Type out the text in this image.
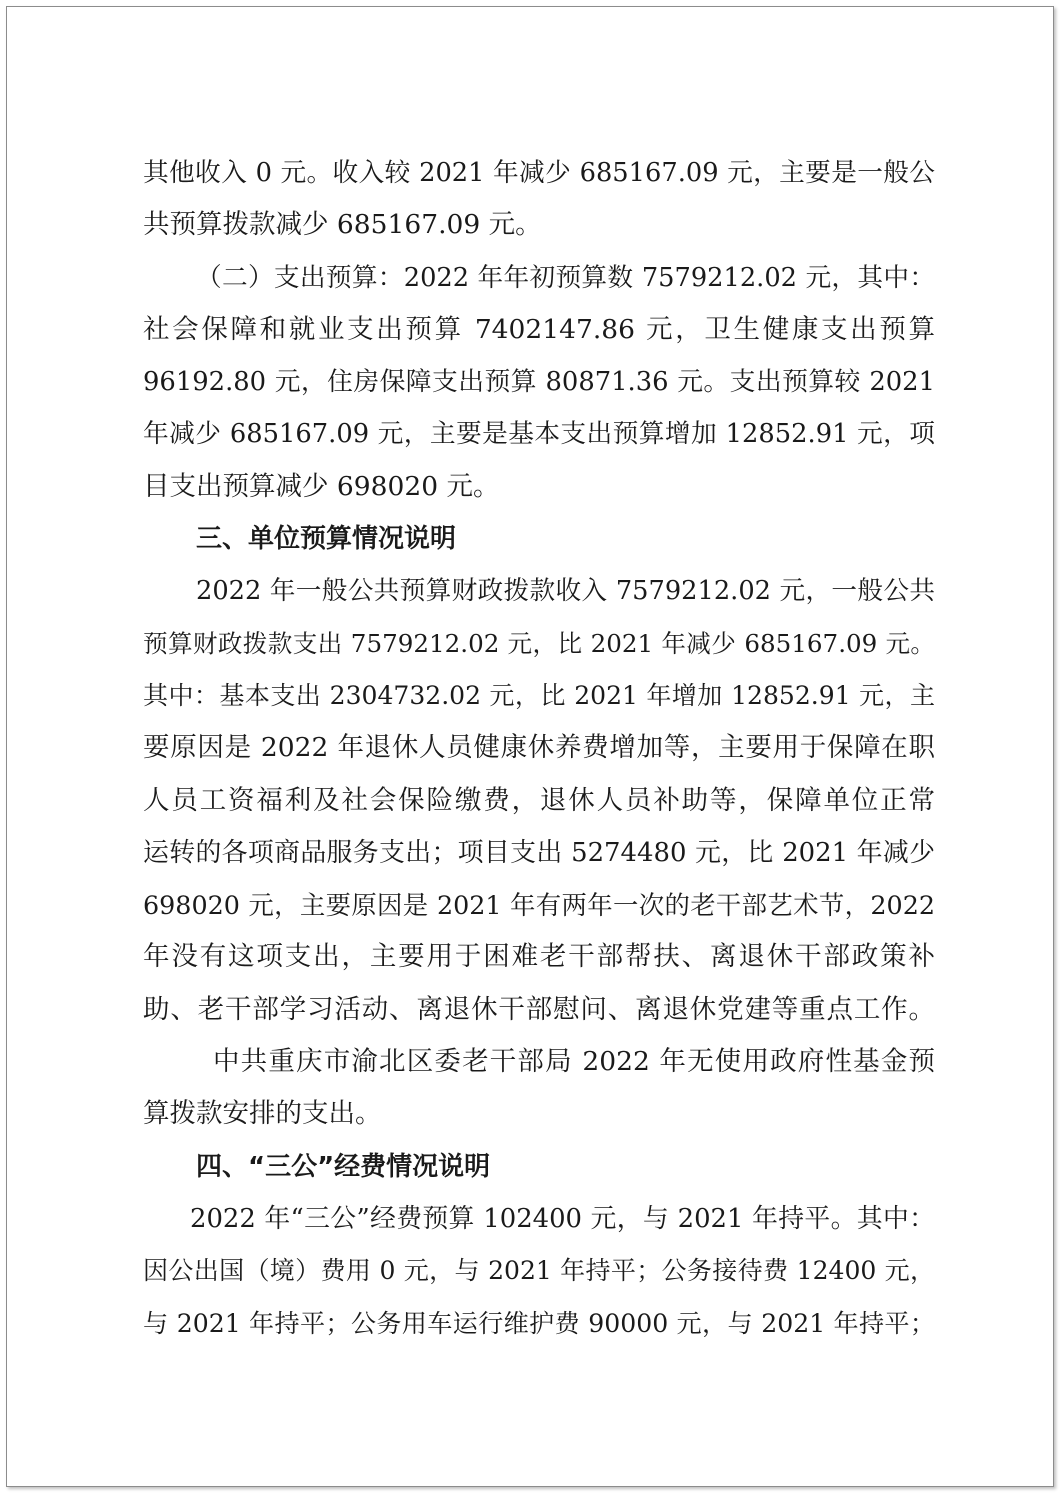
其他收入 0 元。收入较 2021 年减少 685167.09 元，主要是一般公
共预算拨款减少 685167.09 元。
（二）支出预算：2022 年年初预算数 7579212.02 元，其中：
社会保障和就业支出预算 7402147.86 元，卫生健康支出预算
96192.80 元，住房保障支出预算 80871.36 元。支出预算较 2021
年减少 685167.09 元，主要是基本支出预算增加 12852.91 元，项
目支出预算减少 698020 元。
三、单位预算情况说明
2022 年一般公共预算财政拨款收入 7579212.02 元，一般公共
预算财政拨款支出 7579212.02 元，比 2021 年减少 685167.09 元。
其中：基本支出 2304732.02 元，比 2021 年增加 12852.91 元，主
要原因是 2022 年退休人员健康休养费增加等，主要用于保障在职
人员工资福利及社会保险缴费，退休人员补助等，保障单位正常
运转的各项商品服务支出；项目支出 5274480 元，比 2021 年减少
698020 元，主要原因是 2021 年有两年一次的老干部艺术节，2022
年没有这项支出，主要用于困难老干部帮扶、离退休干部政策补
助、老干部学习活动、离退休干部慰问、离退休党建等重点工作。
中共重庆市渝北区委老干部局 2022 年无使用政府性基金预
算拨款安排的支出。
四、“三公”经费情况说明
2022 年“三公”经费预算 102400 元，与 2021 年持平。其中：
因公出国（境）费用 0 元，与 2021 年持平；公务接待费 12400 元，
与 2021 年持平；公务用车运行维护费 90000 元，与 2021 年持平；
